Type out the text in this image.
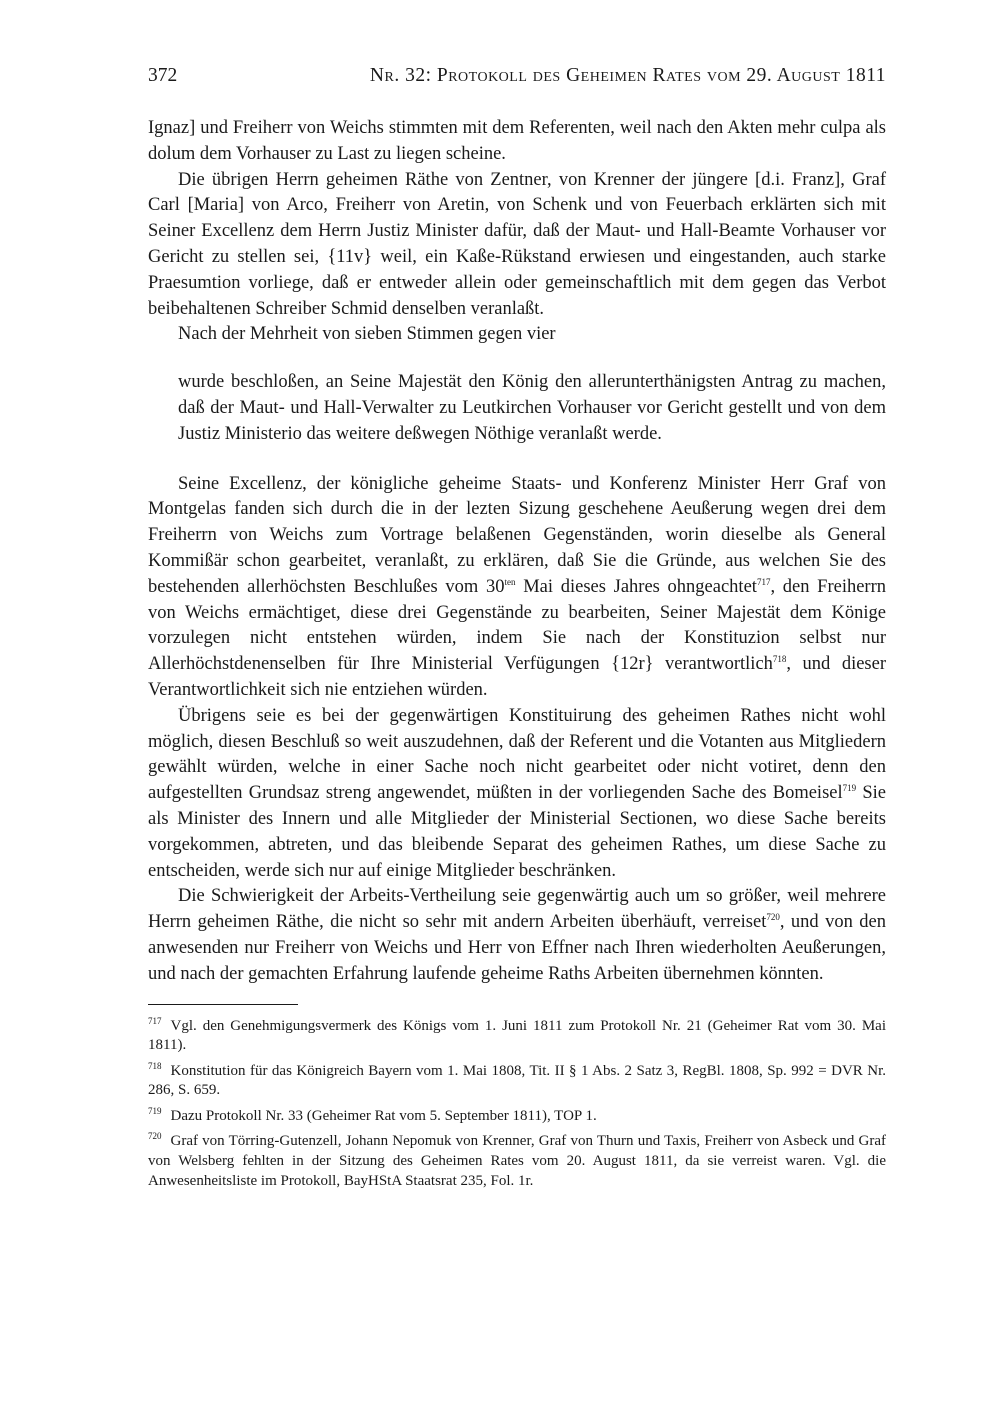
372	Nr. 32: Protokoll des Geheimen Rates vom 29. August 1811

Ignaz] und Freiherr von Weichs stimmten mit dem Referenten, weil nach den Akten mehr culpa als dolum dem Vorhauser zu Last zu liegen scheine.

Die übrigen Herrn geheimen Räthe von Zentner, von Krenner der jüngere [d.i. Franz], Graf Carl [Maria] von Arco, Freiherr von Aretin, von Schenk und von Feuerbach erklärten sich mit Seiner Excellenz dem Herrn Justiz Minister dafür, daß der Maut- und Hall-Beamte Vorhauser vor Gericht zu stellen sei, {11v} weil, ein Kaße-Rükstand erwiesen und eingestanden, auch starke Praesumtion vorliege, daß er entweder allein oder gemeinschaftlich mit dem gegen das Verbot beibehaltenen Schreiber Schmid denselben veranlaßt.

Nach der Mehrheit von sieben Stimmen gegen vier

wurde beschloßen, an Seine Majestät den König den allerunterthänigsten Antrag zu machen, daß der Maut- und Hall-Verwalter zu Leutkirchen Vorhauser vor Gericht gestellt und von dem Justiz Ministerio das weitere deßwegen Nöthige veranlaßt werde.

Seine Excellenz, der königliche geheime Staats- und Konferenz Minister Herr Graf von Montgelas fanden sich durch die in der lezten Sizung geschehene Aeußerung wegen drei dem Freiherrn von Weichs zum Vortrage belaßenen Gegenständen, worin dieselbe als General Kommißär schon gearbeitet, veranlaßt, zu erklären, daß Sie die Gründe, aus welchen Sie des bestehenden allerhöchsten Beschlußes vom $30^{ten}$ Mai dieses Jahres ohngeachtet$^{717}$, den Freiherrn von Weichs ermächtiget, diese drei Gegenstände zu bearbeiten, Seiner Majestät dem Könige vorzulegen nicht entstehen würden, indem Sie nach der Konstituzion selbst nur Allerhöchstdenenselben für Ihre Ministerial Verfügungen {12r} verantwortlich$^{718}$, und dieser Verantwortlichkeit sich nie entziehen würden.

Übrigens seie es bei der gegenwärtigen Konstituirung des geheimen Rathes nicht wohl möglich, diesen Beschluß so weit auszudehnen, daß der Referent und die Votanten aus Mitgliedern gewählt würden, welche in einer Sache noch nicht gearbeitet oder nicht votiret, denn den aufgestellten Grundsaz streng angewendet, müßten in der vorliegenden Sache des Bomeisel$^{719}$ Sie als Minister des Innern und alle Mitglieder der Ministerial Sectionen, wo diese Sache bereits vorgekommen, abtreten, und das bleibende Separat des geheimen Rathes, um diese Sache zu entscheiden, werde sich nur auf einige Mitglieder beschränken.

Die Schwierigkeit der Arbeits-Vertheilung seie gegenwärtig auch um so größer, weil mehrere Herrn geheimen Räthe, die nicht so sehr mit andern Arbeiten überhäuft, verreiset$^{720}$, und von den anwesenden nur Freiherr von Weichs und Herr von Effner nach Ihren wiederholten Aeußerungen, und nach der gemachten Erfahrung laufende geheime Raths Arbeiten übernehmen könnten.

$^{717}$ Vgl. den Genehmigungsvermerk des Königs vom 1. Juni 1811 zum Protokoll Nr. 21 (Geheimer Rat vom 30. Mai 1811).

$^{718}$ Konstitution für das Königreich Bayern vom 1. Mai 1808, Tit. II § 1 Abs. 2 Satz 3, RegBl. 1808, Sp. 992 = DVR Nr. 286, S. 659.

$^{719}$ Dazu Protokoll Nr. 33 (Geheimer Rat vom 5. September 1811), TOP 1.

$^{720}$ Graf von Törring-Gutenzell, Johann Nepomuk von Krenner, Graf von Thurn und Taxis, Freiherr von Asbeck und Graf von Welsberg fehlten in der Sitzung des Geheimen Rates vom 20. August 1811, da sie verreist waren. Vgl. die Anwesenheitsliste im Protokoll, BayHStA Staatsrat 235, Fol. 1r.
